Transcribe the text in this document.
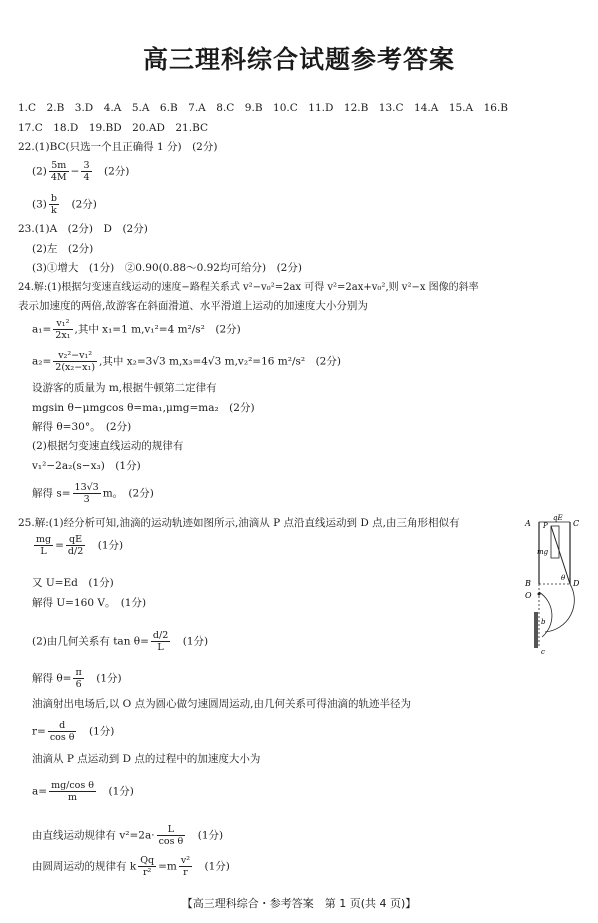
高三理科综合试题参考答案
1.C　2.B　3.D　4.A　5.A　6.B　7.A　8.C　9.B　10.C　11.D　12.B　13.C　14.A　15.A　16.B
17.C　18.D　19.BD　20.AD　21.BC
22.(1)BC(只选一个且正确得 1 分)　(2分)
$(2) \frac{5m}{4M} - \frac{3}{4}$
　 (2分)
$(3) \frac{b}{k}$
　 (2分)
23.(1)A　(2分)　D　(2分)
(2)左　(2分)
(3)①增大　(1分)　②0.90(0.88～0.92均可给分)　(2分)
24.解:(1)根据匀变速直线运动的速度−路程关系式 v²−v₀²=2ax 可得 v²=2ax+v₀²,则 v²−x 图像的斜率
表示加速度的两倍,故游客在斜面滑道、水平滑道上运动的加速度大小分别为
$a_1= \frac{\text{v₁²}}{\text{2x₁}}$ ,其中 x₁=1 m,v₁²=4 m²/s²　(2分)
$a_2= \frac{\text{v₂²−v₁²}}{\text{2(x₂−x₁)}}$ ,其中 x₂=3√3 m,x₃=4√3 m,v₂²=16 m²/s²　(2分)
设游客的质量为 m,根据牛顿第二定律有
mgsin θ−μmgcos θ=ma₁,μmg=ma₂　(2分)
解得 θ=30°。　(2分)
(2)根据匀变速直线运动的规律有
v₁²−2a₂(s−x₃)　(1分)
解得 $s= \frac{13√3}{3}$ m。　(2分)
25.解:(1)经分析可知,油滴的运动轨迹如图所示,油滴从 P 点沿直线运动到 D 点,由三角形相似有
$\frac{mg}{L} = \frac{qE}{d/2}$
　 (1分)
又 U=Ed　(1分)
解得 U=160 V。　(1分)
(2)由几何关系有 $\tan \theta= \frac{d/2}{L}$
　 (1分)
解得 $\theta= \frac{\pi}{6}$
　 (1分)
油滴射出电场后,以 O 点为圆心做匀速圆周运动,由几何关系可得油滴的轨迹半径为
$r= \frac{d}{\text{cos θ}}$
　 (1分)
油滴从 P 点运动到 D 点的过程中的加速度大小为
$a= \frac{\text{mg/cos θ}}{m}$
　 (1分)
由直线运动规律有 $v^2=2a\cdot \frac{L}{\text{cos θ}}$
　 (1分)
由圆周运动的规律有 k $\frac{Qq}{\text{r²}} =m \frac{\text{v²}}{r}$
　 (1分)
A
qE
C
P
mg
θ
B	D
O
b
c
【高三理科综合・参考答案　第 1 页(共 4 页)】
